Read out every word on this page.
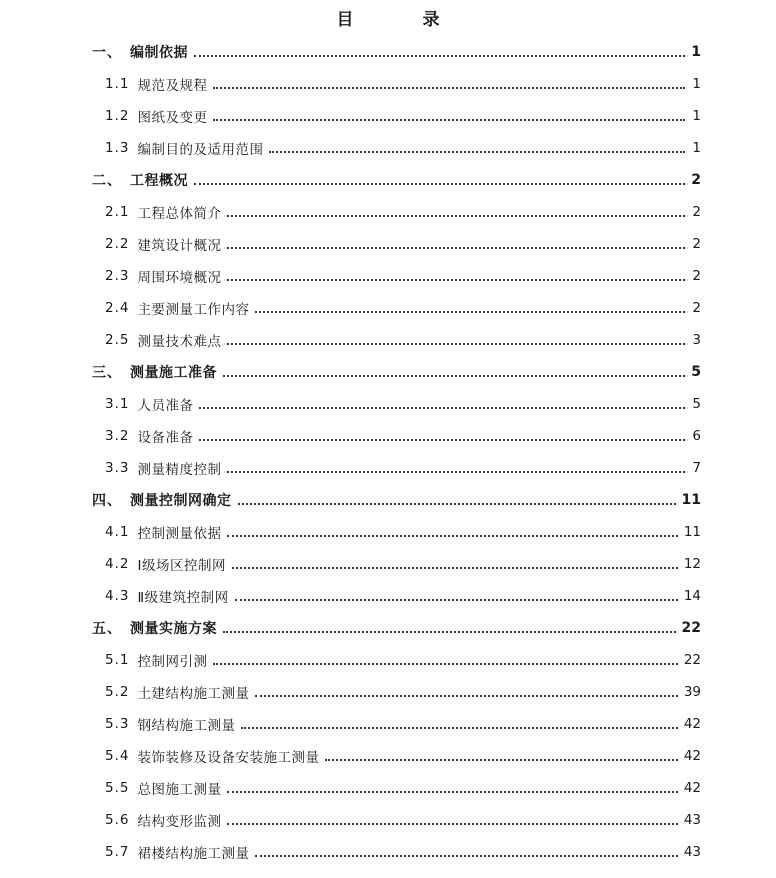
目　录
一、 编制依据	1
1.1 规范及规程	1
1.2 图纸及变更	1
1.3 编制目的及适用范围	1
二、 工程概况	2
2.1 工程总体简介	2
2.2 建筑设计概况	2
2.3 周围环境概况	2
2.4 主要测量工作内容	2
2.5 测量技术难点	3
三、 测量施工准备	5
3.1 人员准备	5
3.2 设备准备	6
3.3 测量精度控制	7
四、 测量控制网确定	11
4.1 控制测量依据	11
4.2 Ⅰ级场区控制网	12
4.3 Ⅱ级建筑控制网	14
五、 测量实施方案	22
5.1 控制网引测	22
5.2 土建结构施工测量	39
5.3 钢结构施工测量	42
5.4 装饰装修及设备安装施工测量	42
5.5 总图施工测量	42
5.6 结构变形监测	43
5.7 裙楼结构施工测量	43
